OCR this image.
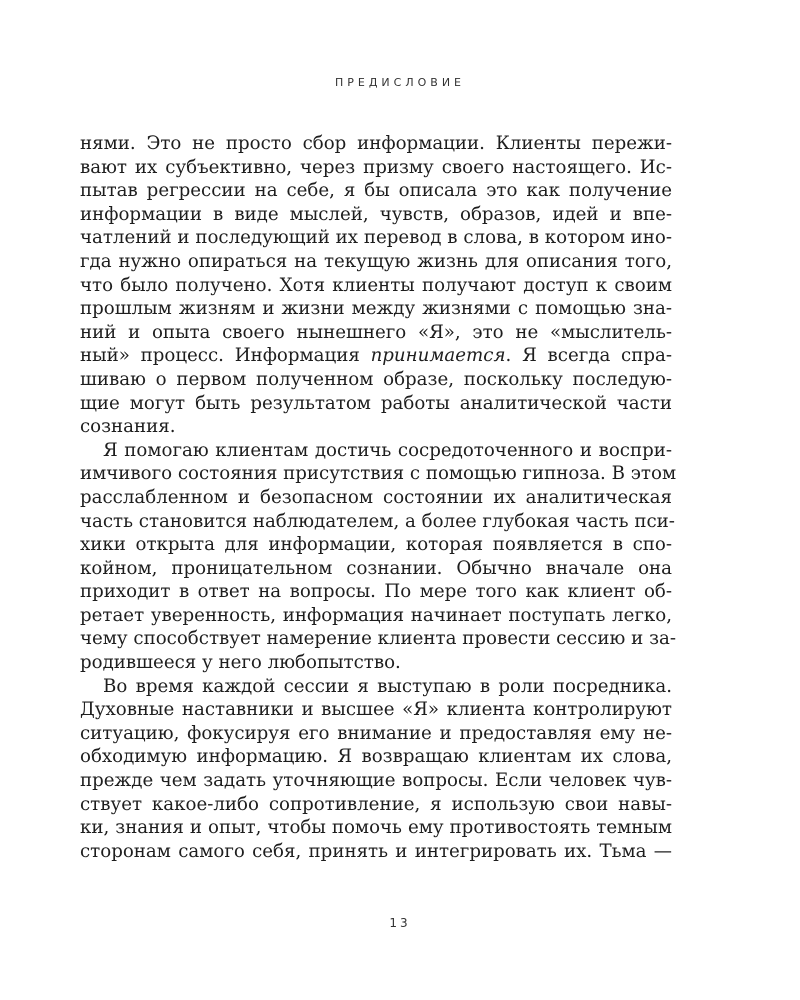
ПРЕДИСЛОВИЕ
нями. Это не просто сбор информации. Клиенты пережи-
вают их субъективно, через призму своего настоящего. Ис-
пытав регрессии на себе, я бы описала это как получение
информации в виде мыслей, чувств, образов, идей и впе-
чатлений и последующий их перевод в слова, в котором ино-
гда нужно опираться на текущую жизнь для описания того,
что было получено. Хотя клиенты получают доступ к своим
прошлым жизням и жизни между жизнями с помощью зна-
ний и опыта своего нынешнего «Я», это не «мыслитель-
ный» процесс. Информация принимается. Я всегда спра-
шиваю о первом полученном образе, поскольку последую-
щие могут быть результатом работы аналитической части
сознания.
Я помогаю клиентам достичь сосредоточенного и воспри-
имчивого состояния присутствия с помощью гипноза. В этом
расслабленном и безопасном состоянии их аналитическая
часть становится наблюдателем, а более глубокая часть пси-
хики открыта для информации, которая появляется в спо-
койном, проницательном сознании. Обычно вначале она
приходит в ответ на вопросы. По мере того как клиент об-
ретает уверенность, информация начинает поступать легко,
чему способствует намерение клиента провести сессию и за-
родившееся у него любопытство.
Во время каждой сессии я выступаю в роли посредника.
Духовные наставники и высшее «Я» клиента контролируют
ситуацию, фокусируя его внимание и предоставляя ему не-
обходимую информацию. Я возвращаю клиентам их слова,
прежде чем задать уточняющие вопросы. Если человек чув-
ствует какое-либо сопротивление, я использую свои навы-
ки, знания и опыт, чтобы помочь ему противостоять темным
сторонам самого себя, принять и интегрировать их. Тьма —
13
